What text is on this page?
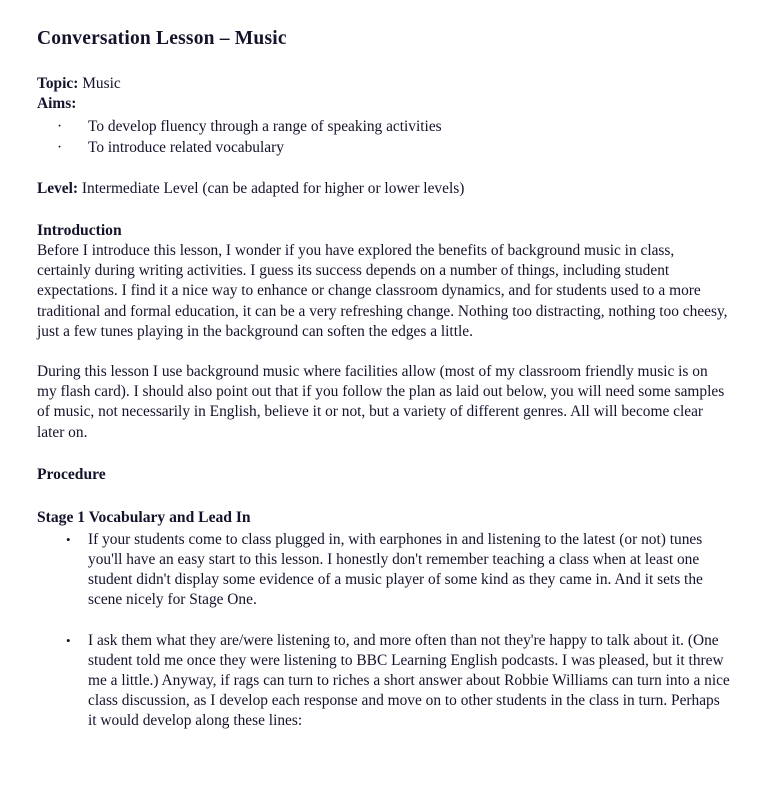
Conversation Lesson – Music
Topic: Music
Aims:
· To develop fluency through a range of speaking activities
· To introduce related vocabulary
Level: Intermediate Level (can be adapted for higher or lower levels)
Introduction

Before I introduce this lesson, I wonder if you have explored the benefits of background music in class, certainly during writing activities. I guess its success depends on a number of things, including student expectations. I find it a nice way to enhance or change classroom dynamics, and for students used to a more traditional and formal education, it can be a very refreshing change. Nothing too distracting, nothing too cheesy, just a few tunes playing in the background can soften the edges a little.

During this lesson I use background music where facilities allow (most of my classroom friendly music is on my flash card). I should also point out that if you follow the plan as laid out below, you will need some samples of music, not necessarily in English, believe it or not, but a variety of different genres. All will become clear later on.

Procedure
Stage 1 Vocabulary and Lead In
• If your students come to class plugged in, with earphones in and listening to the latest (or not) tunes you'll have an easy start to this lesson. I honestly don't remember teaching a class when at least one student didn't display some evidence of a music player of some kind as they came in. And it sets the scene nicely for Stage One.
• I ask them what they are/were listening to, and more often than not they're happy to talk about it. (One student told me once they were listening to BBC Learning English podcasts. I was pleased, but it threw me a little.) Anyway, if rags can turn to riches a short answer about Robbie Williams can turn into a nice class discussion, as I develop each response and move on to other students in the class in turn. Perhaps it would develop along these lines:
